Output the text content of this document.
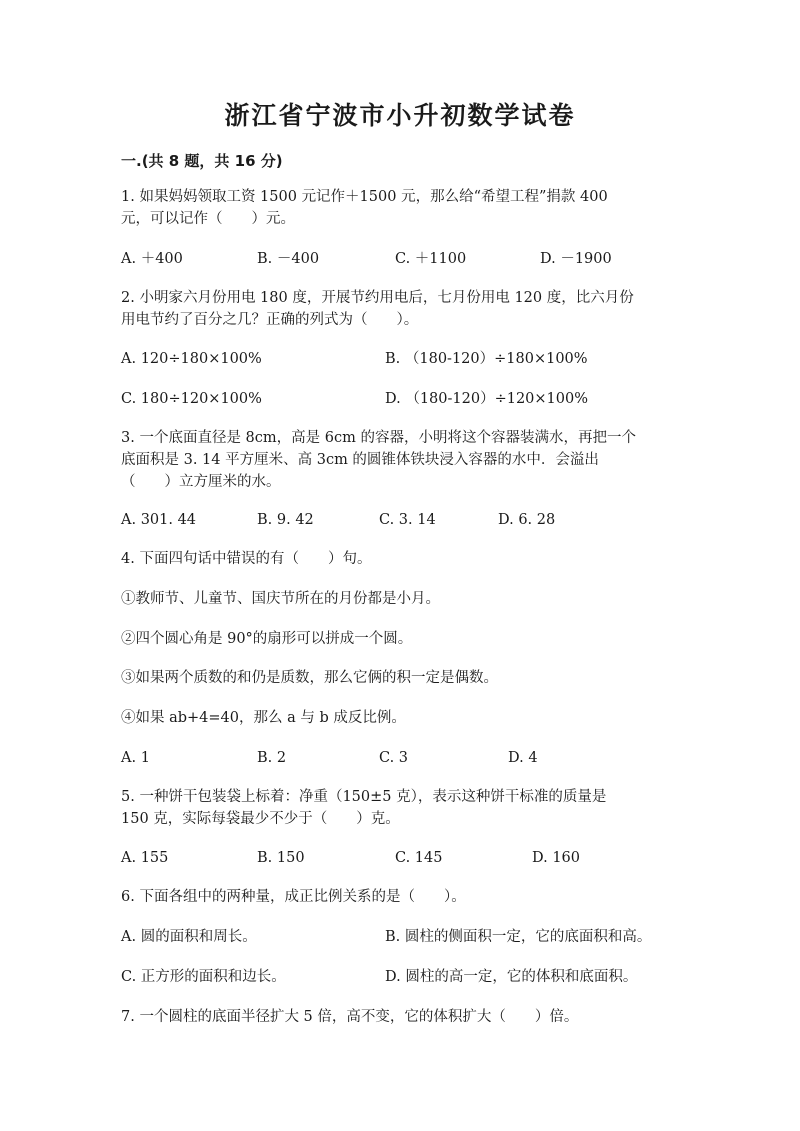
浙江省宁波市小升初数学试卷
一.(共 8 题，共 16 分)
1. 如果妈妈领取工资 1500 元记作＋1500 元，那么给“希望工程”捐款 400
元，可以记作（　　）元。
A. ＋400	B. －400	C. ＋1100	D. －1900
2. 小明家六月份用电 180 度，开展节约用电后，七月份用电 120 度，比六月份
用电节约了百分之几？正确的列式为（　　）。
A. 120÷180×100%	B. （180-120）÷180×100%
C. 180÷120×100%	D. （180-120）÷120×100%
3. 一个底面直径是 8cm，高是 6cm 的容器，小明将这个容器装满水，再把一个
底面积是 3. 14 平方厘米、高 3cm 的圆锥体铁块浸入容器的水中．会溢出
（　　）立方厘米的水。
A. 301. 44	B. 9. 42	C. 3. 14	D. 6. 28
4. 下面四句话中错误的有（　　）句。
①教师节、儿童节、国庆节所在的月份都是小月。
②四个圆心角是 90°的扇形可以拼成一个圆。
③如果两个质数的和仍是质数，那么它俩的积一定是偶数。
④如果 ab+4=40，那么 a 与 b 成反比例。
A. 1	B. 2	C. 3	D. 4
5. 一种饼干包装袋上标着：净重（150±5 克），表示这种饼干标准的质量是
150 克，实际每袋最少不少于（　　）克。
A. 155	B. 150	C. 145	D. 160
6. 下面各组中的两种量，成正比例关系的是（　　）。
A. 圆的面积和周长。	B. 圆柱的侧面积一定，它的底面积和高。
C. 正方形的面积和边长。	D. 圆柱的高一定，它的体积和底面积。
7. 一个圆柱的底面半径扩大 5 倍，高不变，它的体积扩大（　　）倍。
